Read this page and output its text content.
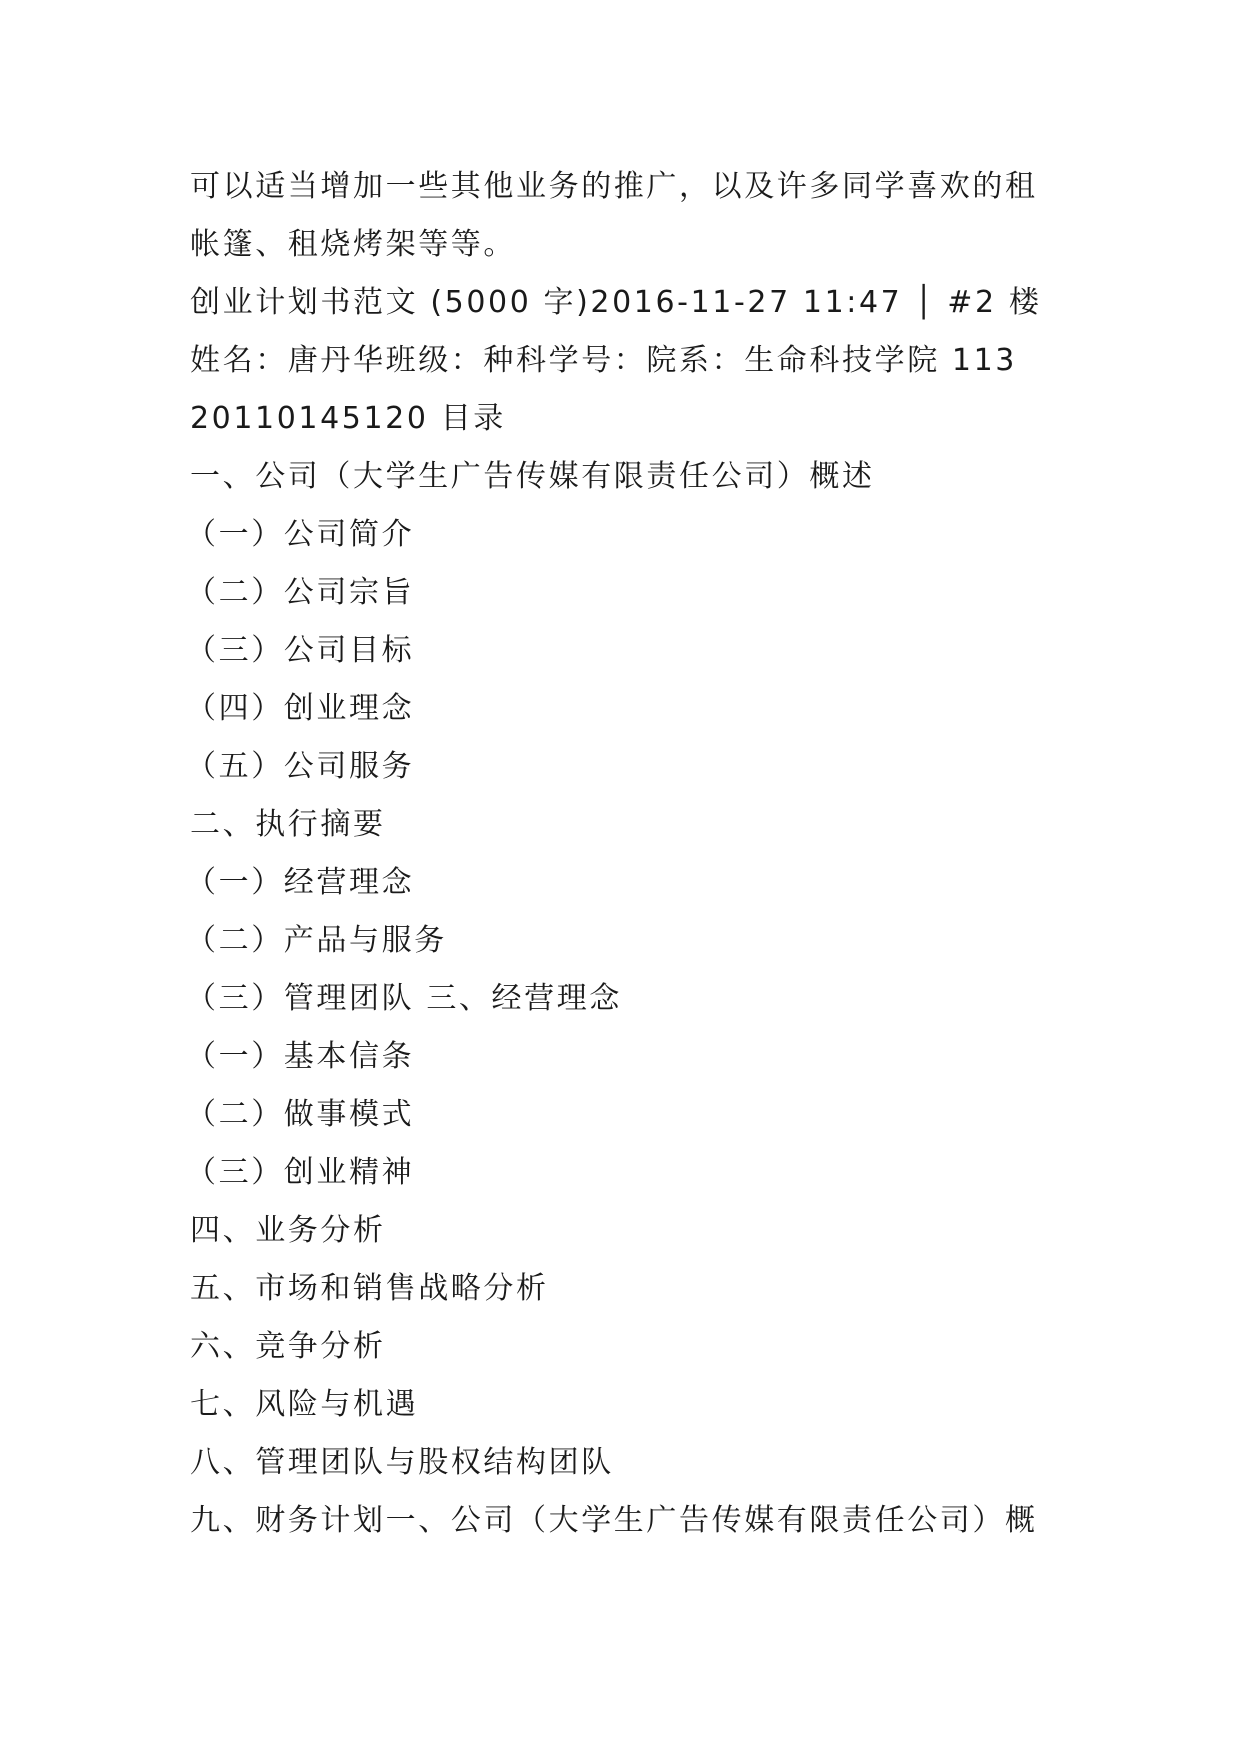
可以适当增加一些其他业务的推广，以及许多同学喜欢的租
帐篷、租烧烤架等等。
创业计划书范文 (5000 字)2016-11-27 11:47 │ #2 楼
姓名：唐丹华班级：种科学号：院系：生命科技学院 113
20110145120 目录
一、公司（大学生广告传媒有限责任公司）概述
（一）公司简介
（二）公司宗旨
（三）公司目标
（四）创业理念
（五）公司服务
二、执行摘要
（一）经营理念
（二）产品与服务
（三）管理团队 三、经营理念
（一）基本信条
（二）做事模式
（三）创业精神
四、业务分析
五、市场和销售战略分析
六、竞争分析
七、风险与机遇
八、管理团队与股权结构团队
九、财务计划一、公司（大学生广告传媒有限责任公司）概
